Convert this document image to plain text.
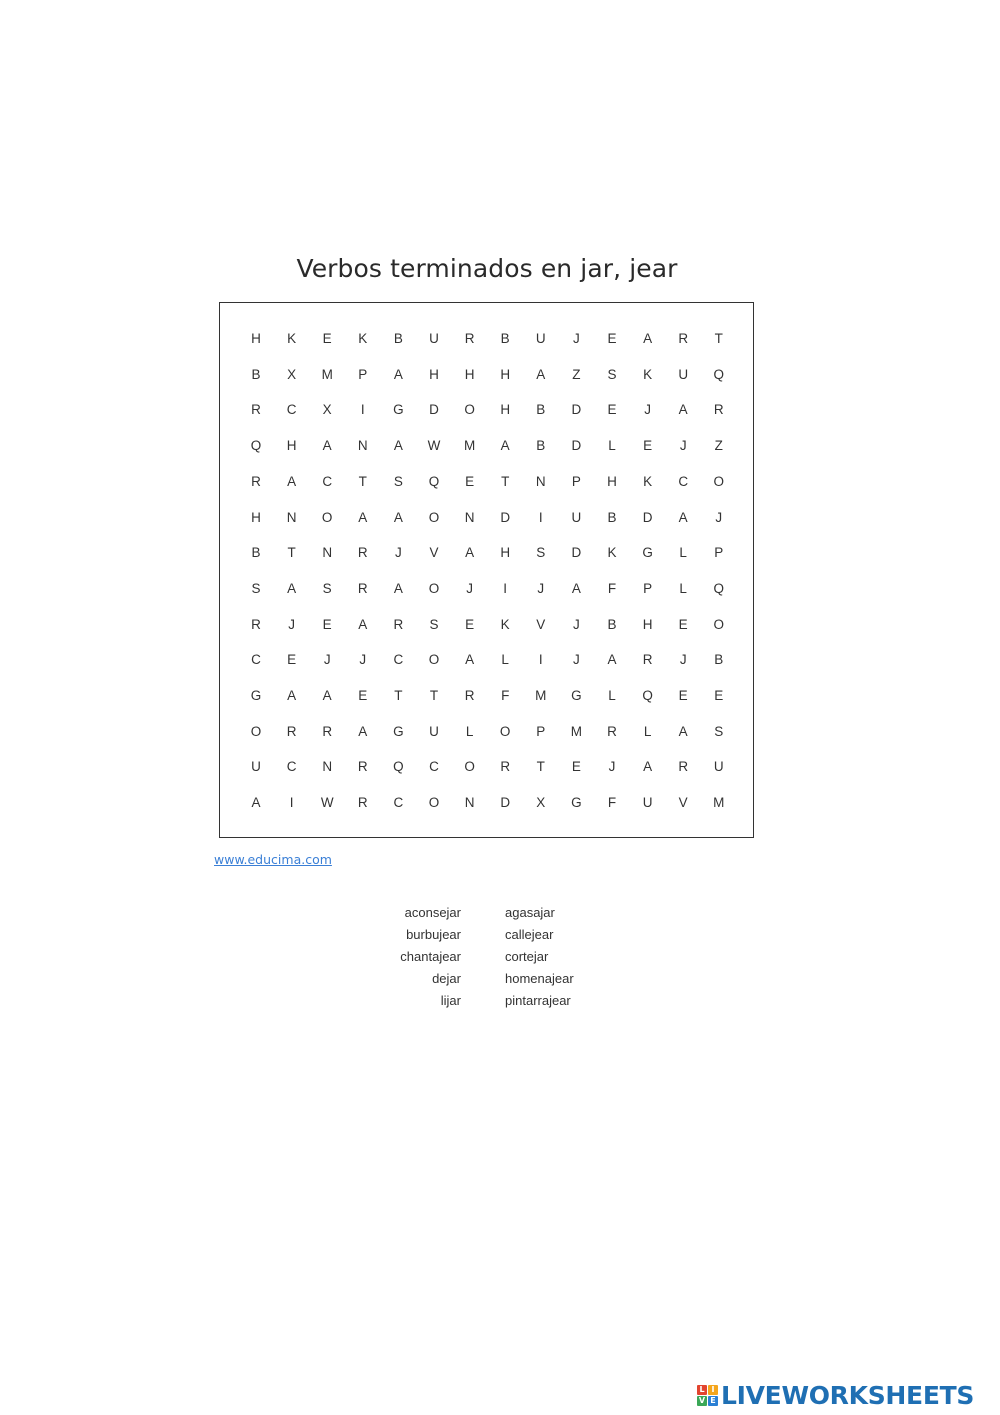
Verbos terminados en jar, jear
H	K	E	K	B	U	R	B	U	J	E	A	R	T
B	X	M	P	A	H	H	H	A	Z	S	K	U	Q
R	C	X	I	G	D	O	H	B	D	E	J	A	R
Q	H	A	N	A	W	M	A	B	D	L	E	J	Z
R	A	C	T	S	Q	E	T	N	P	H	K	C	O
H	N	O	A	A	O	N	D	I	U	B	D	A	J
B	T	N	R	J	V	A	H	S	D	K	G	L	P
S	A	S	R	A	O	J	I	J	A	F	P	L	Q
R	J	E	A	R	S	E	K	V	J	B	H	E	O
C	E	J	J	C	O	A	L	I	J	A	R	J	B
G	A	A	E	T	T	R	F	M	G	L	Q	E	E
O	R	R	A	G	U	L	O	P	M	R	L	A	S
U	C	N	R	Q	C	O	R	T	E	J	A	R	U
A	I	W	R	C	O	N	D	X	G	F	U	V	M
www.educima.com
aconsejar
burbujear
chantajear
dejar
lijar
agasajar
callejear
cortejar
homenajear
pintarrajear
L I
V E LIVEWORKSHEETS
